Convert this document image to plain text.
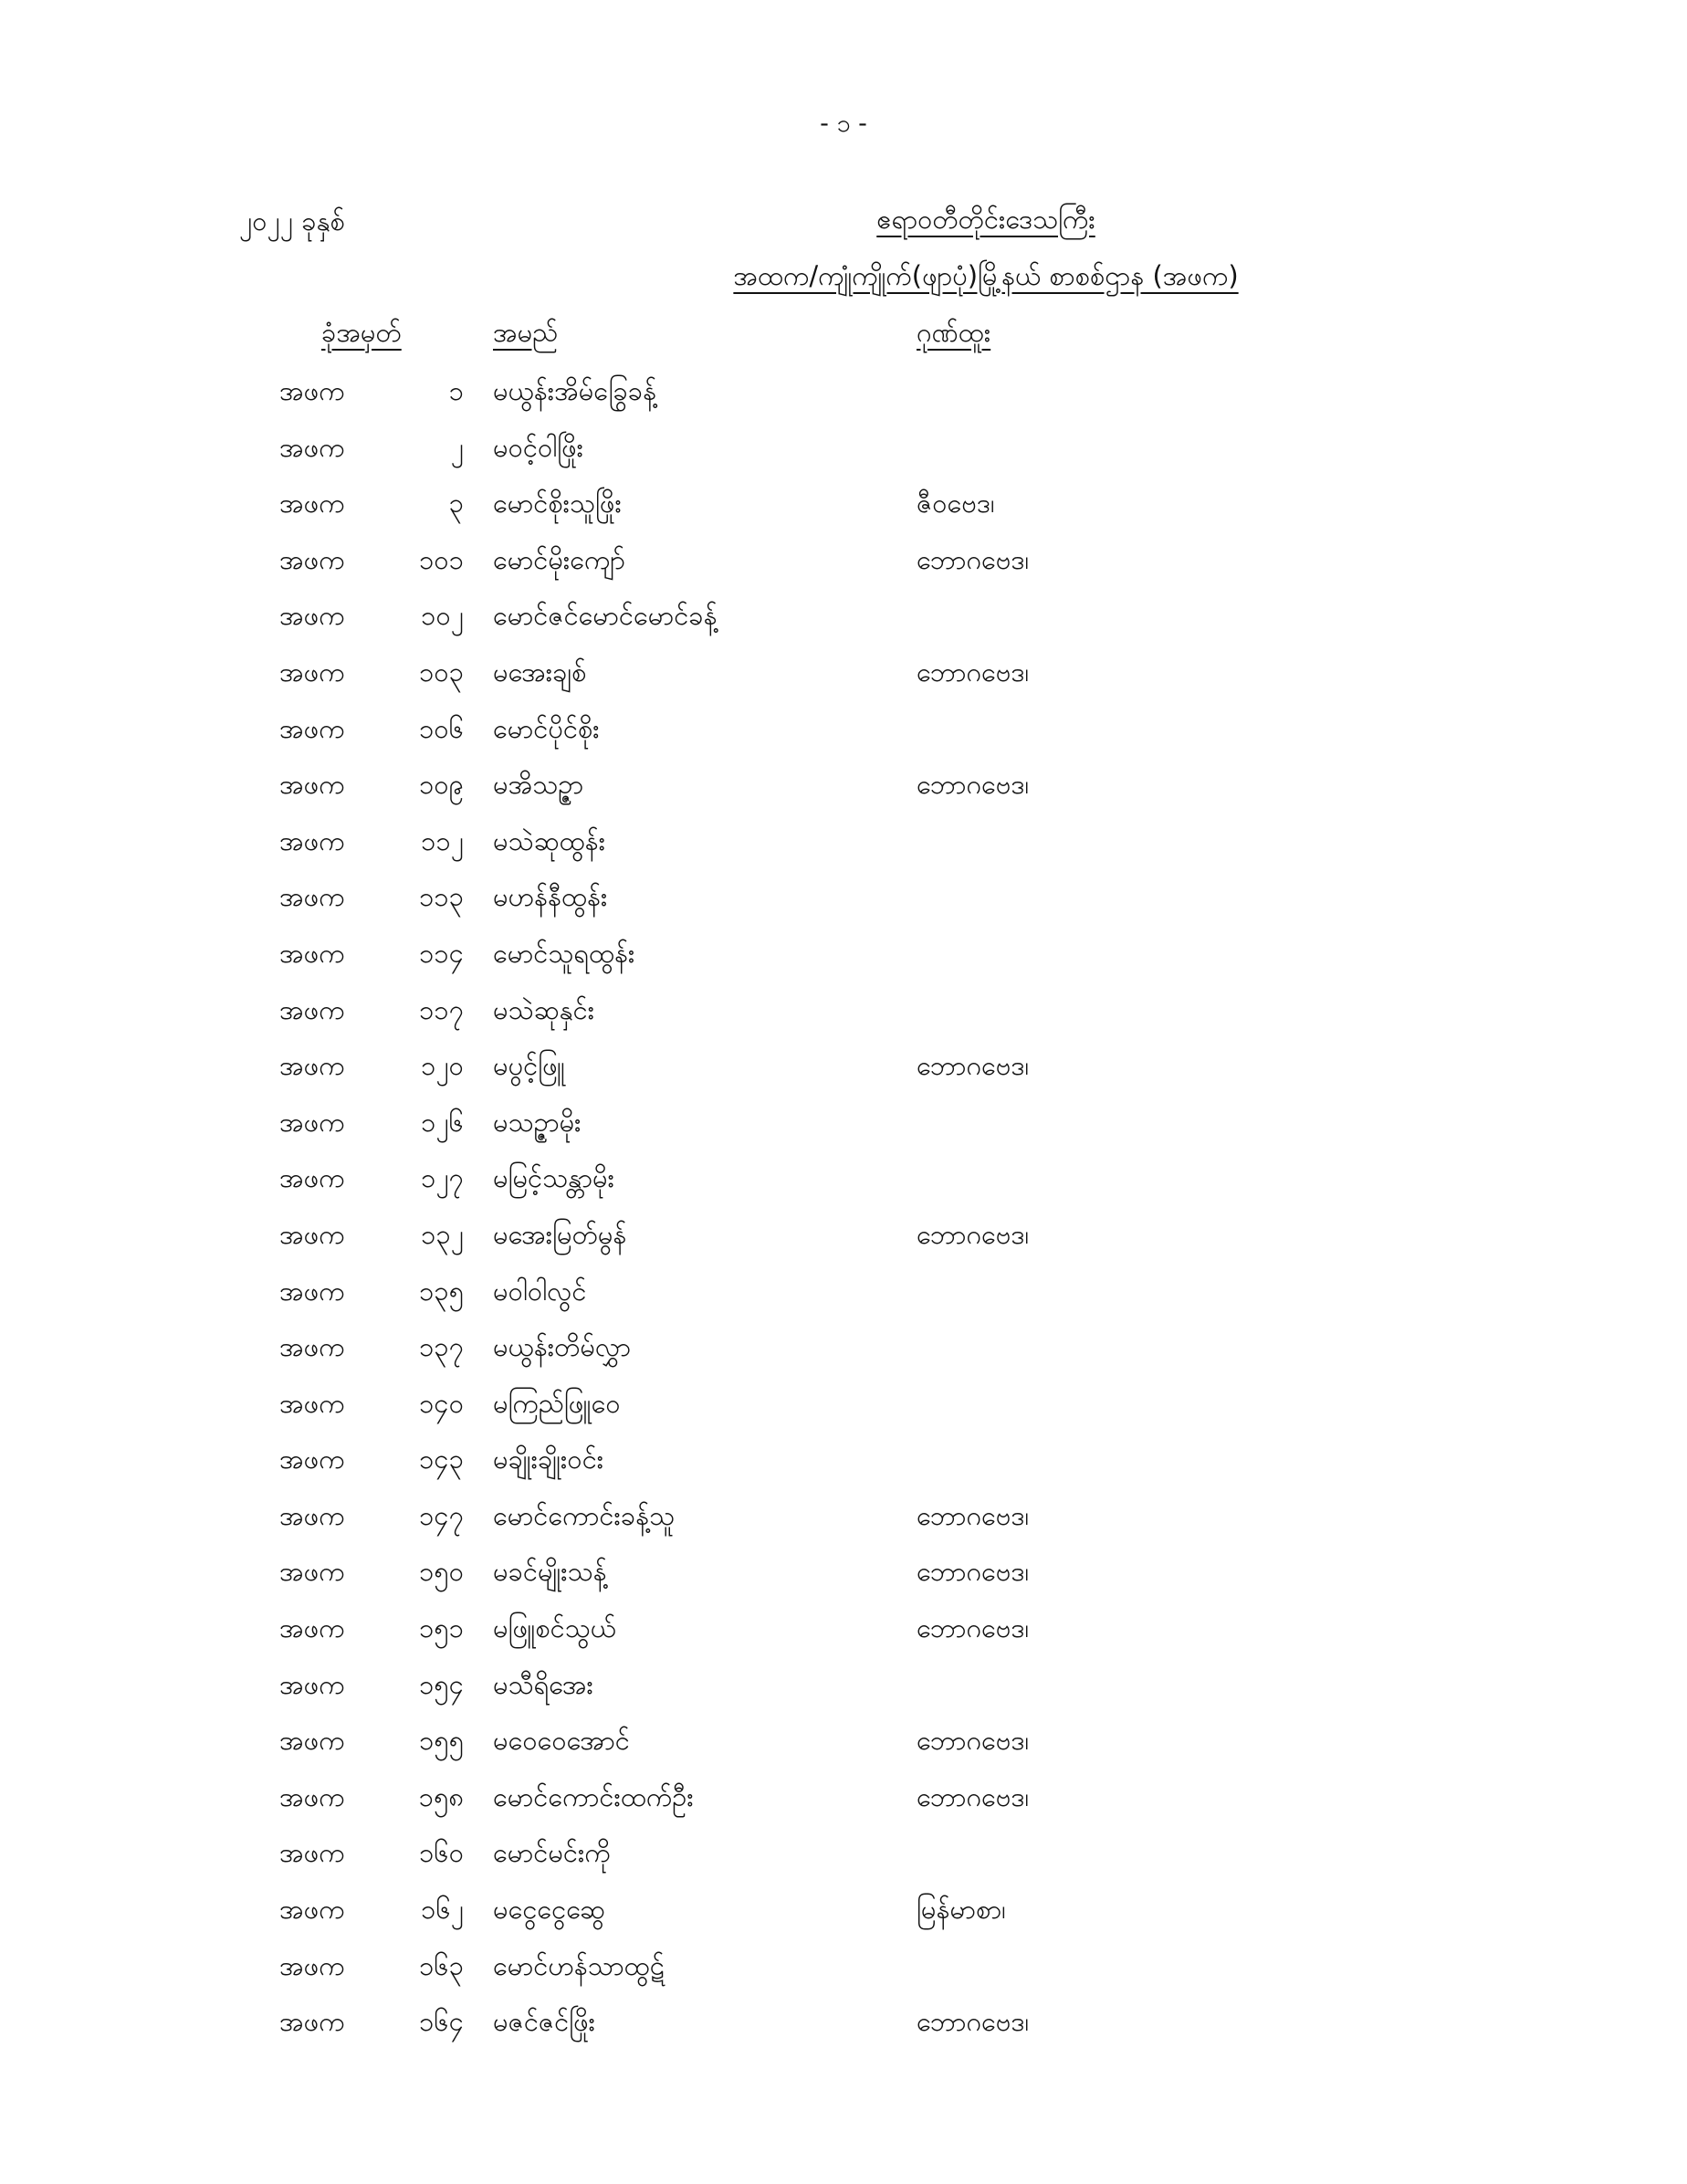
- ၁ -
၂၀၂၂ ခုနှစ်	ဧရာဝတီတိုင်းဒေသကြီး
အထက/ကျုံကျိုက်(ဖျာပုံ)မြို့နယ် စာစစ်ဌာန (အဖက)
ခုံအမှတ်	အမည်	ဂုဏ်ထူး
အဖက	၁ မယွန်းအိမ်ခြွေခန့်
အဖက	၂ မဝင့်ဝါဖြိုး
အဖက	၃ မောင်စိုးသူဖြိုး	ဇီဝဗေဒ၊
အဖက	၁၀၁ မောင်မိုးကျော်	ဘောဂဗေဒ၊
အဖက	၁၀၂ မောင်ဇင်မောင်မောင်ခန့်
အဖက	၁၀၃ မအေးချစ်	ဘောဂဗေဒ၊
အဖက	၁၀၆ မောင်ပိုင်စိုး
အဖက	၁၀၉ မအိသဉ္ဇာ	ဘောဂဗေဒ၊
အဖက	၁၁၂ မသဲဆုထွန်း
အဖက	၁၁၃ မဟန်နီထွန်း
အဖက	၁၁၄ မောင်သူရထွန်း
အဖက	၁၁၇ မသဲဆုနှင်း
အဖက	၁၂၀ မပွင့်ဖြူ	ဘောဂဗေဒ၊
အဖက	၁၂၆ မသဉ္ဇာမိုး
အဖက	၁၂၇ မမြင့်သန္တာမိုး
အဖက	၁၃၂ မအေးမြတ်မွန်	ဘောဂဗေဒ၊
အဖက	၁၃၅ မဝါဝါလွင်
အဖက	၁၃၇ မယွန်းတိမ်လွှာ
အဖက	၁၄၀ မကြည်ဖြူဝေ
အဖက	၁၄၃ မချိုးချိုးဝင်း
အဖက	၁၄၇ မောင်ကောင်းခန့်သူ	ဘောဂဗေဒ၊
အဖက	၁၅၀ မခင်မျိုးသန့်	ဘောဂဗေဒ၊
အဖက	၁၅၁ မဖြူစင်သွယ်	ဘောဂဗေဒ၊
အဖက	၁၅၄ မသီရိအေး
အဖက	၁၅၅ မဝေဝေအောင်	ဘောဂဗေဒ၊
အဖက	၁၅၈ မောင်ကောင်းထက်ဦး	ဘောဂဗေဒ၊
အဖက	၁၆၀ မောင်မင်းကို
အဖက	၁၆၂ မငွေငွေဆွေ	မြန်မာစာ၊
အဖက	၁၆၃ မောင်ဟန်သာထွဋ်
အဖက	၁၆၄ မဇင်ဇင်ဖြိုး	ဘောဂဗေဒ၊
